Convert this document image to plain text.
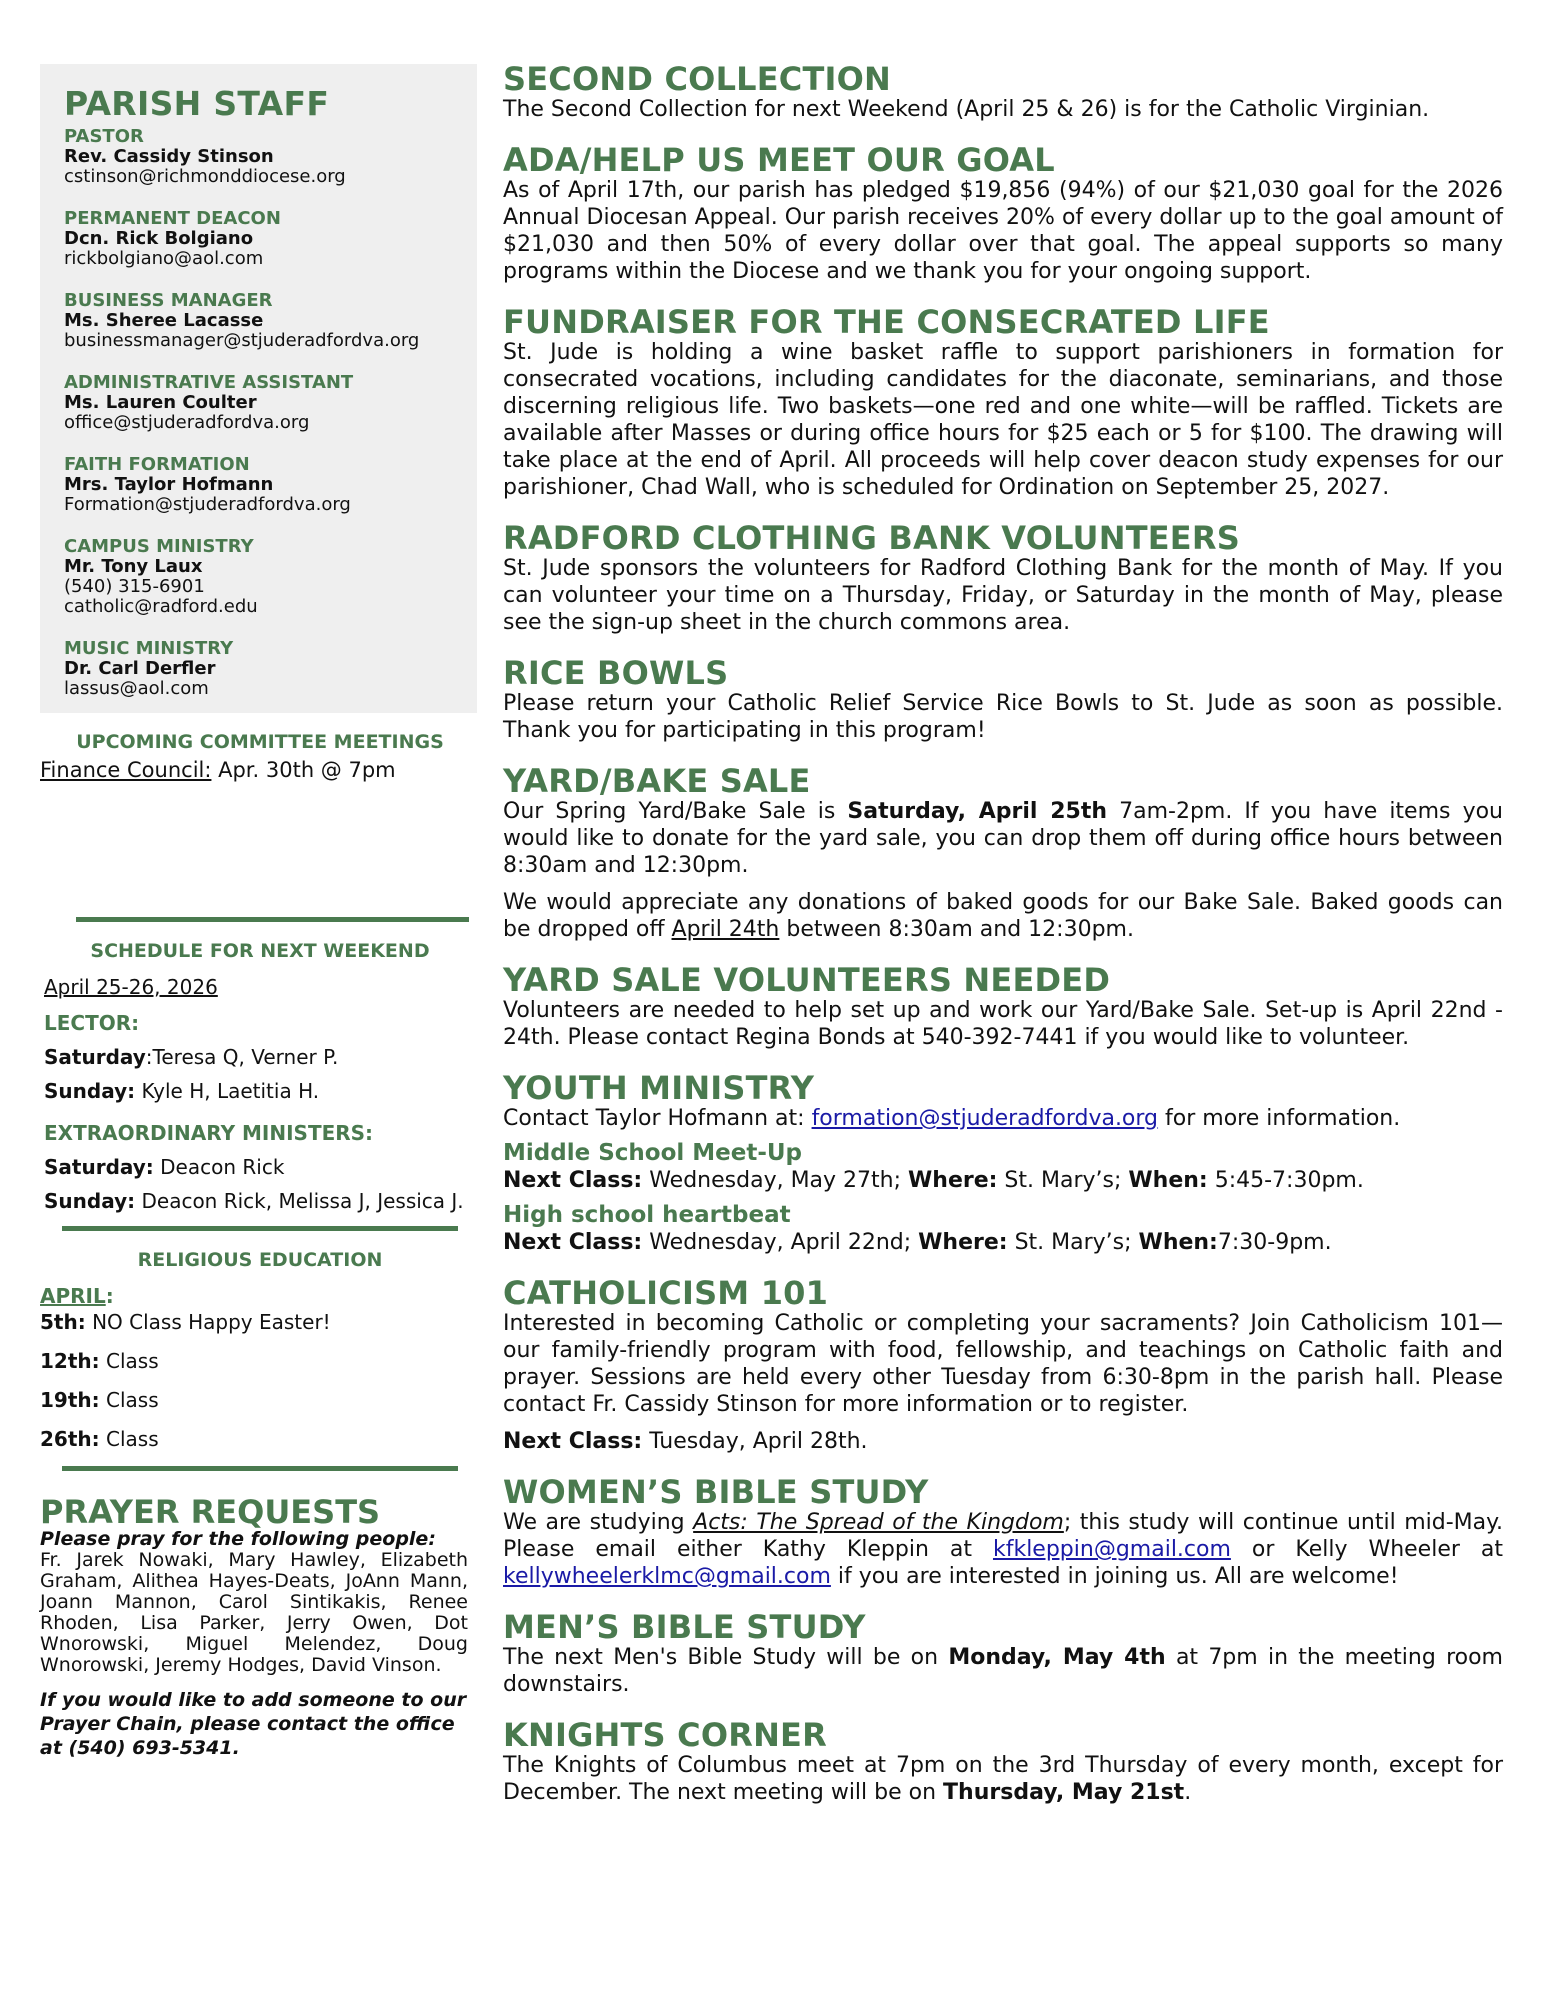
PARISH STAFF
PASTOR
Rev. Cassidy Stinson
cstinson@richmonddiocese.org
PERMANENT DEACON
Dcn. Rick Bolgiano
rickbolgiano@aol.com
BUSINESS MANAGER
Ms. Sheree Lacasse
businessmanager@stjuderadfordva.org
ADMINISTRATIVE ASSISTANT
Ms. Lauren Coulter
office@stjuderadfordva.org
FAITH FORMATION
Mrs. Taylor Hofmann
Formation@stjuderadfordva.org
CAMPUS MINISTRY
Mr. Tony Laux
(540) 315-6901
catholic@radford.edu
MUSIC MINISTRY
Dr. Carl Derfler
lassus@aol.com
UPCOMING COMMITTEE MEETINGS
Finance Council: Apr. 30th @ 7pm
SCHEDULE FOR NEXT WEEKEND
April 25-26, 2026
LECTOR:
Saturday:Teresa Q, Verner P.
Sunday: Kyle H, Laetitia H.
EXTRAORDINARY MINISTERS:
Saturday: Deacon Rick
Sunday: Deacon Rick, Melissa J, Jessica J.
RELIGIOUS EDUCATION
APRIL:
5th: NO Class Happy Easter!
12th: Class
19th: Class
26th: Class
PRAYER REQUESTS
Please pray for the following people:
Fr. Jarek Nowaki, Mary Hawley, Elizabeth Graham, Alithea Hayes-Deats, JoAnn Mann, Joann Mannon, Carol Sintikakis, Renee Rhoden, Lisa Parker, Jerry Owen, Dot Wnorowski, Miguel Melendez, Doug Wnorowski, Jeremy Hodges, David Vinson.
If you would like to add someone to our Prayer Chain, please contact the office at (540) 693-5341.
SECOND COLLECTION

The Second Collection for next Weekend (April 25 & 26) is for the Catholic Virginian.

ADA/HELP US MEET OUR GOAL

As of April 17th, our parish has pledged $19,856 (94%) of our $21,030 goal for the 2026 Annual Diocesan Appeal. Our parish receives 20% of every dollar up to the goal amount of $21,030 and then 50% of every dollar over that goal. The appeal supports so many programs within the Diocese and we thank you for your ongoing support.

FUNDRAISER FOR THE CONSECRATED LIFE

St. Jude is holding a wine basket raffle to support parishioners in formation for consecrated vocations, including candidates for the diaconate, seminarians, and those discerning religious life. Two baskets—one red and one white—will be raffled. Tickets are available after Masses or during office hours for $25 each or 5 for $100. The drawing will take place at the end of April. All proceeds will help cover deacon study expenses for our parishioner, Chad Wall, who is scheduled for Ordination on September 25, 2027.

RADFORD CLOTHING BANK VOLUNTEERS

St. Jude sponsors the volunteers for Radford Clothing Bank for the month of May. If you can volunteer your time on a Thursday, Friday, or Saturday in the month of May, please see the sign-up sheet in the church commons area.

RICE BOWLS

Please return your Catholic Relief Service Rice Bowls to St. Jude as soon as possible. Thank you for participating in this program!

YARD/BAKE SALE

Our Spring Yard/Bake Sale is Saturday, April 25th 7am-2pm. If you have items you would like to donate for the yard sale, you can drop them off during office hours between 8:30am and 12:30pm.

We would appreciate any donations of baked goods for our Bake Sale. Baked goods can be dropped off April 24th between 8:30am and 12:30pm.

YARD SALE VOLUNTEERS NEEDED

Volunteers are needed to help set up and work our Yard/Bake Sale. Set-up is April 22nd - 24th. Please contact Regina Bonds at 540-392-7441 if you would like to volunteer.

YOUTH MINISTRY

Contact Taylor Hofmann at: formation@stjuderadfordva.org for more information.

Middle School Meet-Up

Next Class: Wednesday, May 27th; Where: St. Mary’s; When: 5:45-7:30pm.

High school heartbeat

Next Class: Wednesday, April 22nd; Where: St. Mary’s; When:7:30-9pm.

CATHOLICISM 101

Interested in becoming Catholic or completing your sacraments? Join Catholicism 101—our family-friendly program with food, fellowship, and teachings on Catholic faith and prayer. Sessions are held every other Tuesday from 6:30-8pm in the parish hall. Please contact Fr. Cassidy Stinson for more information or to register.

Next Class: Tuesday, April 28th.

WOMEN’S BIBLE STUDY

We are studying Acts: The Spread of the Kingdom; this study will continue until mid-May. Please email either Kathy Kleppin at kfkleppin@gmail.com or Kelly Wheeler at kellywheelerklmc@gmail.com if you are interested in joining us. All are welcome!

MEN’S BIBLE STUDY

The next Men's Bible Study will be on Monday, May 4th at 7pm in the meeting room downstairs.

KNIGHTS CORNER

The Knights of Columbus meet at 7pm on the 3rd Thursday of every month, except for December. The next meeting will be on Thursday, May 21st.
